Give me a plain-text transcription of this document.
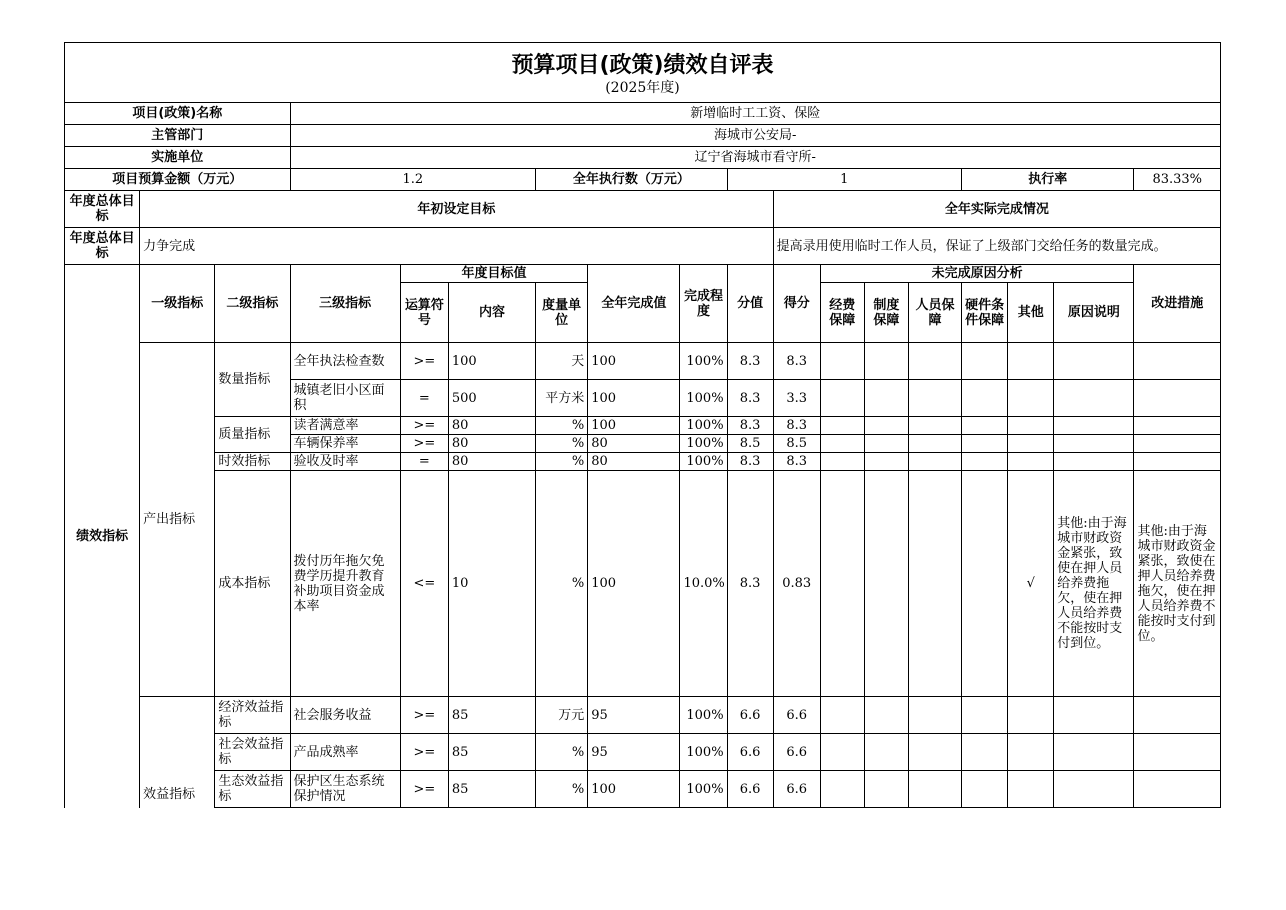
预算项目(政策)绩效自评表
(2025年度)																	

项目(政策)名称			新增临时工工资、保险														
主管部门			海城市公安局-														
实施单位			辽宁省海城市看守所-														
项目预算金额（万元）			1.2			全年执行数（万元）			1					执行率			83.33%
年度总体目标	年初设定目标									全年实际完成情况							
年度总体目标	力争完成									提高录用使用临时工作人员，保证了上级部门交给任务的数量完成。							
绩效指标	一级指标	二级指标	三级指标	年度目标值			全年完成值	完成程度	分值	得分	未完成原因分析						改进措施
				运算符号	内容	度量单位					经费保障	制度保障	人员保障	硬件条件保障	其他	原因说明	
	产出指标	数量指标	全年执法检查数	>=	100	天	100	100%	8.3	8.3							
			城镇老旧小区面积	=	500	平方米	100	100%	8.3	3.3							
		质量指标	读者满意率	>=	80	%	100	100%	8.3	8.3							
			车辆保养率	>=	80	%	80	100%	8.5	8.5							
		时效指标	验收及时率	=	80	%	80	100%	8.3	8.3							
		成本指标	拨付历年拖欠免费学历提升教育补助项目资金成本率	<=	10	%	100	10.0%	8.3	0.83					√	其他:由于海城市财政资金紧张，致使在押人员给养费拖欠，使在押人员给养费不能按时支付到位。	其他:由于海城市财政资金紧张，致使在押人员给养费拖欠，使在押人员给养费不能按时支付到位。
	效益指标	经济效益指标	社会服务收益	>=	85	万元	95	100%	6.6	6.6							
		社会效益指标	产品成熟率	>=	85	%	95	100%	6.6	6.6							
		生态效益指标	保护区生态系统保护情况	>=	85	%	100	100%	6.6	6.6							
